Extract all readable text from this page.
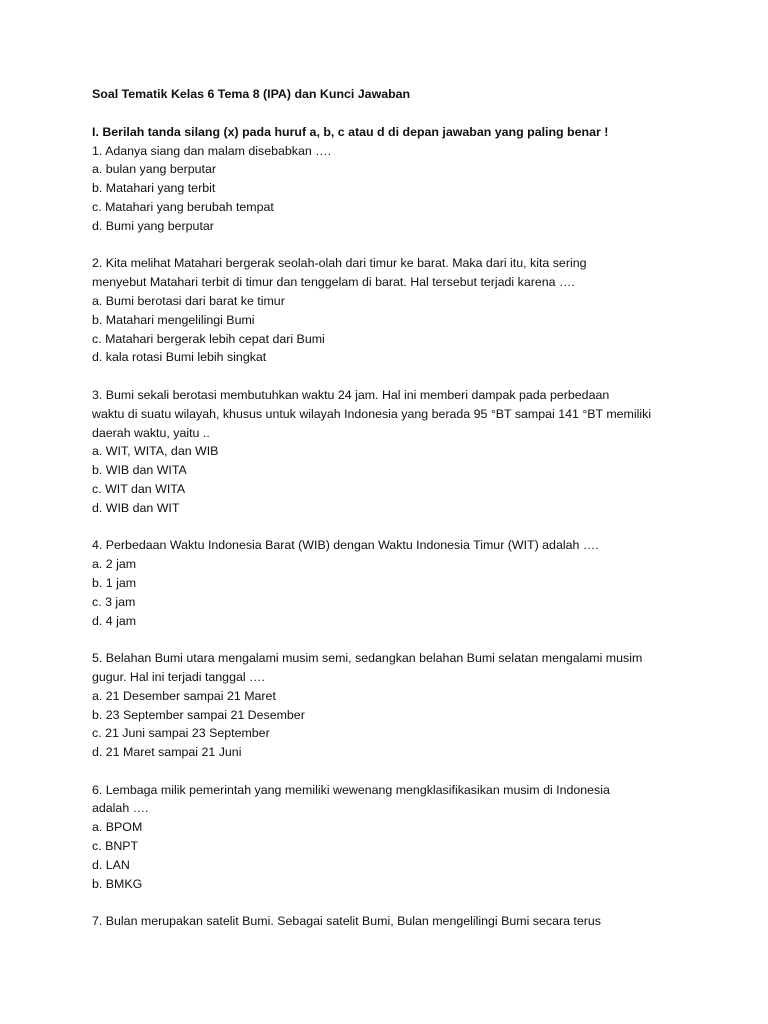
Soal Tematik Kelas 6 Tema 8 (IPA) dan Kunci Jawaban

I. Berilah tanda silang (x) pada huruf a, b, c atau d di depan jawaban yang paling benar !

1. Adanya siang dan malam disebabkan ….

a. bulan yang berputar
b. Matahari yang terbit
c. Matahari yang berubah tempat
d. Bumi yang berputar

2. Kita melihat Matahari bergerak seolah-olah dari timur ke barat. Maka dari itu, kita sering
menyebut Matahari terbit di timur dan tenggelam di barat. Hal tersebut terjadi karena ….

a. Bumi berotasi dari barat ke timur
b. Matahari mengelilingi Bumi
c. Matahari bergerak lebih cepat dari Bumi
d. kala rotasi Bumi lebih singkat

3. Bumi sekali berotasi membutuhkan waktu 24 jam. Hal ini memberi dampak pada perbedaan
waktu di suatu wilayah, khusus untuk wilayah Indonesia yang berada 95 °BT sampai 141 °BT memiliki
daerah waktu, yaitu ..

a. WIT, WITA, dan WIB
b. WIB dan WITA
c. WIT dan WITA
d. WIB dan WIT

4. Perbedaan Waktu Indonesia Barat (WIB) dengan Waktu Indonesia Timur (WIT) adalah ….

a. 2 jam
b. 1 jam
c. 3 jam
d. 4 jam

5. Belahan Bumi utara mengalami musim semi, sedangkan belahan Bumi selatan mengalami musim
gugur. Hal ini terjadi tanggal ….

a. 21 Desember sampai 21 Maret
b. 23 September sampai 21 Desember
c. 21 Juni sampai 23 September
d. 21 Maret sampai 21 Juni

6. Lembaga milik pemerintah yang memiliki wewenang mengklasifikasikan musim di Indonesia
adalah ….

a. BPOM
c. BNPT
d. LAN
b. BMKG

7. Bulan merupakan satelit Bumi. Sebagai satelit Bumi, Bulan mengelilingi Bumi secara terus
